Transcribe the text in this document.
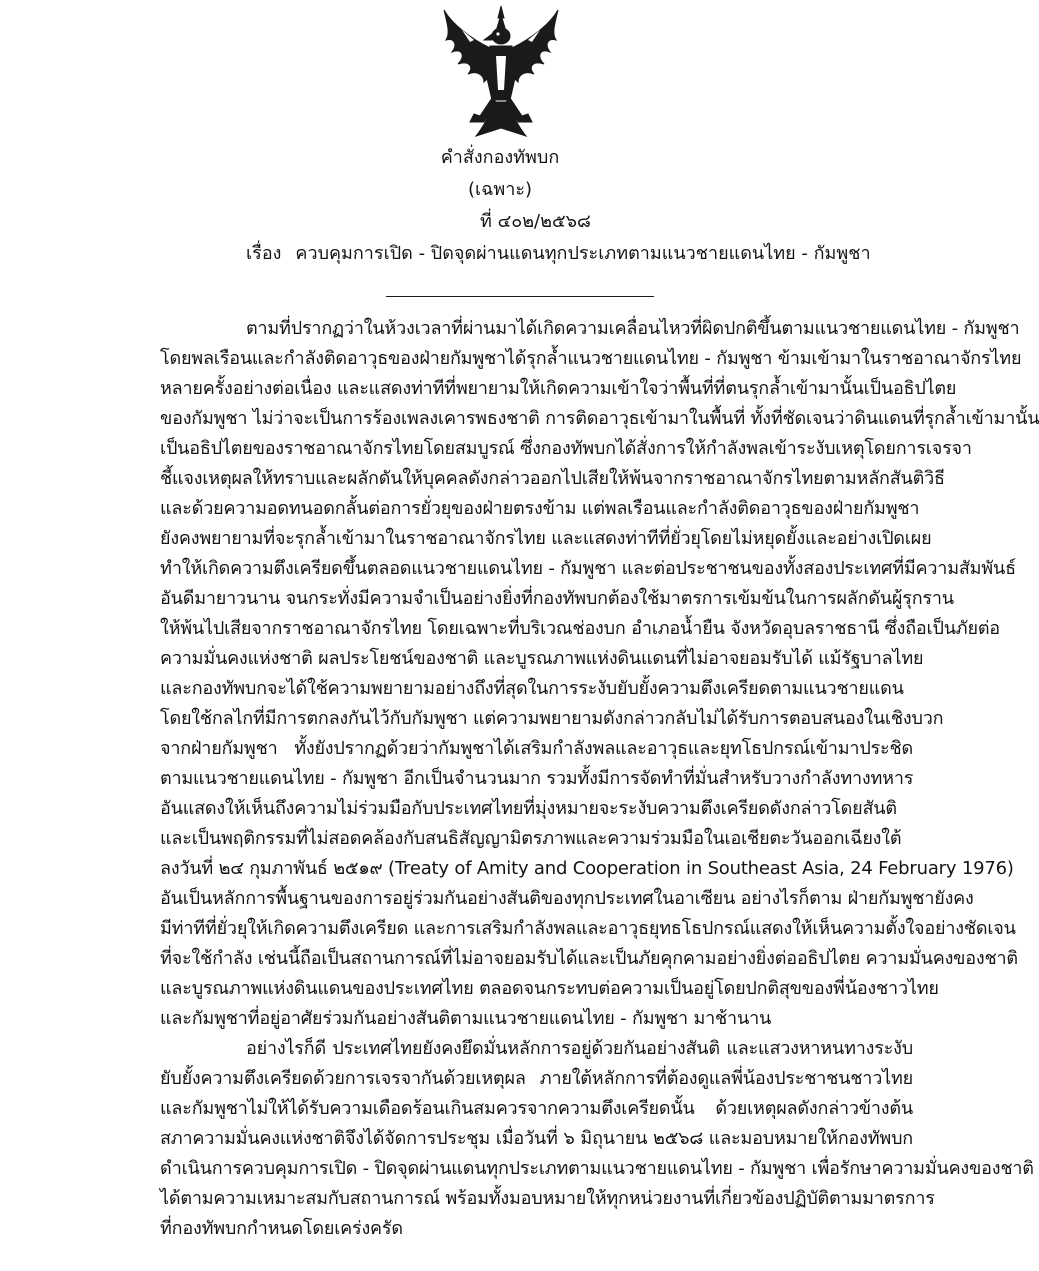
คำสั่งกองทัพบก
(เฉพาะ)
ที่ ๔๐๒/๒๕๖๘
เรื่อง ควบคุมการเปิด - ปิดจุดผ่านแดนทุกประเภทตามแนวชายแดนไทย - กัมพูชา
ตามที่ปรากฏว่าในห้วงเวลาที่ผ่านมาได้เกิดความเคลื่อนไหวที่ผิดปกติขึ้นตามแนวชายแดนไทย - กัมพูชา
โดยพลเรือนและกำลังติดอาวุธของฝ่ายกัมพูชาได้รุกล้ำแนวชายแดนไทย - กัมพูชา ข้ามเข้ามาในราชอาณาจักรไทย
หลายครั้งอย่างต่อเนื่อง และแสดงท่าทีที่พยายามให้เกิดความเข้าใจว่าพื้นที่ที่ตนรุกล้ำเข้ามานั้นเป็นอธิปไตย
ของกัมพูชา ไม่ว่าจะเป็นการร้องเพลงเคารพธงชาติ การติดอาวุธเข้ามาในพื้นที่ ทั้งที่ชัดเจนว่าดินแดนที่รุกล้ำเข้ามานั้น
เป็นอธิปไตยของราชอาณาจักรไทยโดยสมบูรณ์ ซึ่งกองทัพบกได้สั่งการให้กำลังพลเข้าระงับเหตุโดยการเจรจา
ชี้แจงเหตุผลให้ทราบและผลักดันให้บุคคลดังกล่าวออกไปเสียให้พ้นจากราชอาณาจักรไทยตามหลักสันติวิธี
และด้วยความอดทนอดกลั้นต่อการยั่วยุของฝ่ายตรงข้าม แต่พลเรือนและกำลังติดอาวุธของฝ่ายกัมพูชา
ยังคงพยายามที่จะรุกล้ำเข้ามาในราชอาณาจักรไทย และแสดงท่าทีที่ยั่วยุโดยไม่หยุดยั้งและอย่างเปิดเผย
ทำให้เกิดความตึงเครียดขึ้นตลอดแนวชายแดนไทย - กัมพูชา และต่อประชาชนของทั้งสองประเทศที่มีความสัมพันธ์
อันดีมายาวนาน จนกระทั่งมีความจำเป็นอย่างยิ่งที่กองทัพบกต้องใช้มาตรการเข้มข้นในการผลักดันผู้รุกราน
ให้พ้นไปเสียจากราชอาณาจักรไทย โดยเฉพาะที่บริเวณช่องบก อำเภอน้ำยืน จังหวัดอุบลราชธานี ซึ่งถือเป็นภัยต่อ
ความมั่นคงแห่งชาติ ผลประโยชน์ของชาติ และบูรณภาพแห่งดินแดนที่ไม่อาจยอมรับได้ แม้รัฐบาลไทย
และกองทัพบกจะได้ใช้ความพยายามอย่างถึงที่สุดในการระงับยับยั้งความตึงเครียดตามแนวชายแดน
โดยใช้กลไกที่มีการตกลงกันไว้กับกัมพูชา แต่ความพยายามดังกล่าวกลับไม่ได้รับการตอบสนองในเชิงบวก
จากฝ่ายกัมพูชา ทั้งยังปรากฏด้วยว่ากัมพูชาได้เสริมกำลังพลและอาวุธและยุทโธปกรณ์เข้ามาประชิด
ตามแนวชายแดนไทย - กัมพูชา อีกเป็นจำนวนมาก รวมทั้งมีการจัดทำที่มั่นสำหรับวางกำลังทางทหาร
อันแสดงให้เห็นถึงความไม่ร่วมมือกับประเทศไทยที่มุ่งหมายจะระงับความตึงเครียดดังกล่าวโดยสันติ
และเป็นพฤติกรรมที่ไม่สอดคล้องกับสนธิสัญญามิตรภาพและความร่วมมือในเอเชียตะวันออกเฉียงใต้
ลงวันที่ ๒๔ กุมภาพันธ์ ๒๕๑๙ (Treaty of Amity and Cooperation in Southeast Asia, 24 February 1976)
อันเป็นหลักการพื้นฐานของการอยู่ร่วมกันอย่างสันติของทุกประเทศในอาเซียน อย่างไรก็ตาม ฝ่ายกัมพูชายังคง
มีท่าทีที่ยั่วยุให้เกิดความตึงเครียด และการเสริมกำลังพลและอาวุธยุทธโธปกรณ์แสดงให้เห็นความตั้งใจอย่างชัดเจน
ที่จะใช้กำลัง เช่นนี้ถือเป็นสถานการณ์ที่ไม่อาจยอมรับได้และเป็นภัยคุกคามอย่างยิ่งต่ออธิปไตย ความมั่นคงของชาติ
และบูรณภาพแห่งดินแดนของประเทศไทย ตลอดจนกระทบต่อความเป็นอยู่โดยปกติสุขของพี่น้องชาวไทย
และกัมพูชาที่อยู่อาศัยร่วมกันอย่างสันติตามแนวชายแดนไทย - กัมพูชา มาช้านาน
อย่างไรก็ดี ประเทศไทยยังคงยึดมั่นหลักการอยู่ด้วยกันอย่างสันติ และแสวงหาหนทางระงับ
ยับยั้งความตึงเครียดด้วยการเจรจากันด้วยเหตุผล ภายใต้หลักการที่ต้องดูแลพี่น้องประชาชนชาวไทย
และกัมพูชาไม่ให้ได้รับความเดือดร้อนเกินสมควรจากความตึงเครียดนั้น ด้วยเหตุผลดังกล่าวข้างต้น
สภาความมั่นคงแห่งชาติจึงได้จัดการประชุม เมื่อวันที่ ๖ มิถุนายน ๒๕๖๘ และมอบหมายให้กองทัพบก
ดำเนินการควบคุมการเปิด - ปิดจุดผ่านแดนทุกประเภทตามแนวชายแดนไทย - กัมพูชา เพื่อรักษาความมั่นคงของชาติ
ได้ตามความเหมาะสมกับสถานการณ์ พร้อมทั้งมอบหมายให้ทุกหน่วยงานที่เกี่ยวข้องปฏิบัติตามมาตรการ
ที่กองทัพบกกำหนดโดยเคร่งครัด
